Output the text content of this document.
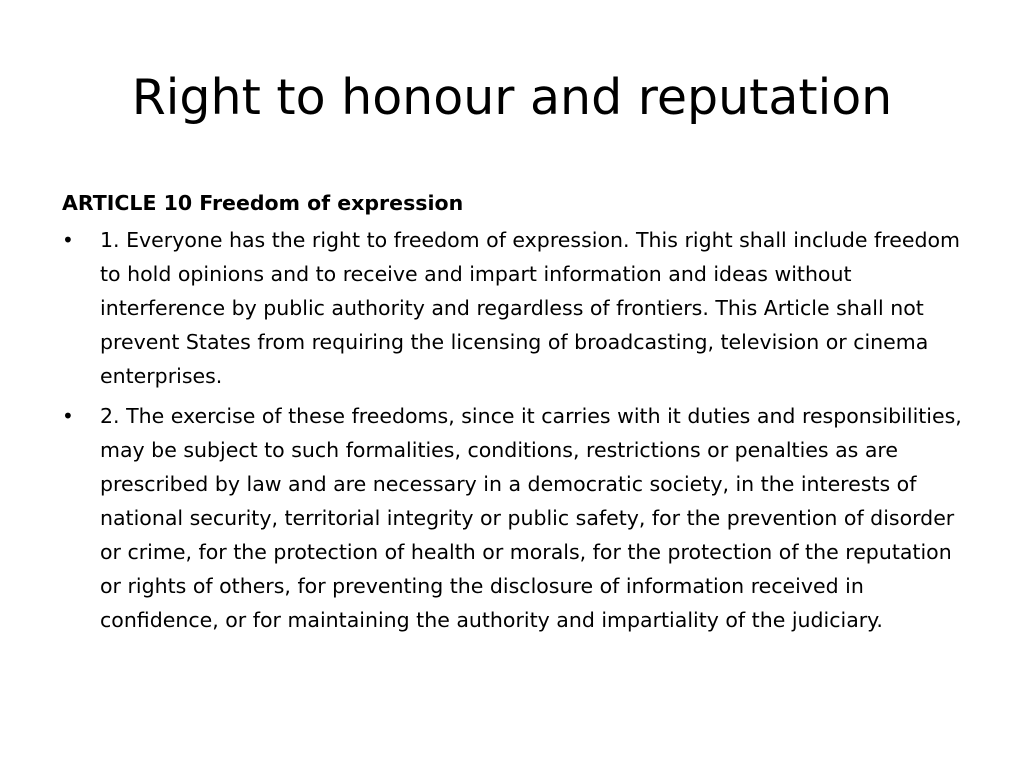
Right to honour and reputation

ARTICLE 10 Freedom of expression

• 1. Everyone has the right to freedom of expression. This right shall include freedom to hold opinions and to receive and impart information and ideas without interference by public authority and regardless of frontiers. This Article shall not prevent States from requiring the licensing of broadcasting, television or cinema enterprises.
• 2. The exercise of these freedoms, since it carries with it duties and responsibilities, may be subject to such formalities, conditions, restrictions or penalties as are prescribed by law and are necessary in a democratic society, in the interests of national security, territorial integrity or public safety, for the prevention of disorder or crime, for the protection of health or morals, for the protection of the reputation or rights of others, for preventing the disclosure of information received in confidence, or for maintaining the authority and impartiality of the judiciary.
